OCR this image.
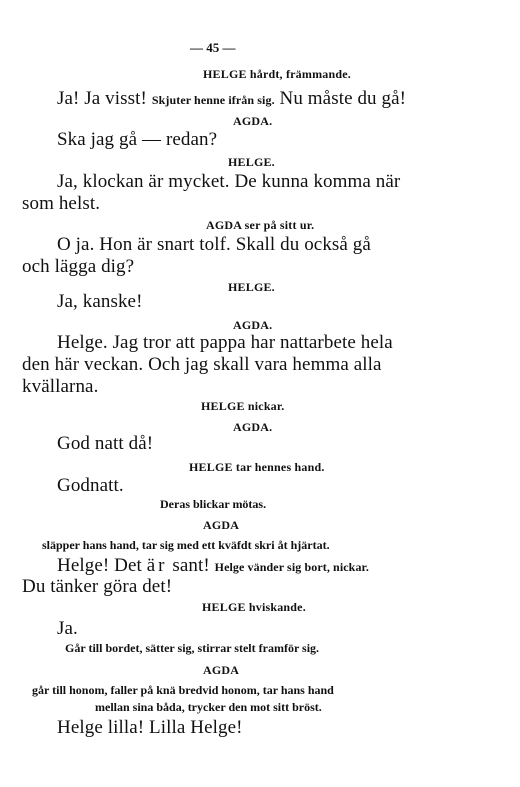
— 45 —
HELGE hårdt, främmande.
Ja! Ja visst! Skjuter henne ifrån sig. Nu måste du gå!
AGDA.
Ska jag gå — redan?
HELGE.
Ja, klockan är mycket. De kunna komma när
som helst.
AGDA ser på sitt ur.
O ja. Hon är snart tolf. Skall du också gå
och lägga dig?
HELGE.
Ja, kanske!
AGDA.
Helge. Jag tror att pappa har nattarbete hela
den här veckan. Och jag skall vara hemma alla
kvällarna.
HELGE nickar.
AGDA.
God natt då!
HELGE tar hennes hand.
Godnatt.
Deras blickar mötas.
AGDA
släpper hans hand, tar sig med ett kväfdt skri åt hjärtat.
Helge! Det är sant! Helge vänder sig bort, nickar.
Du tänker göra det!
HELGE hviskande.
Ja.
Går till bordet, sätter sig, stirrar stelt framför sig.
AGDA
går till honom, faller på knä bredvid honom, tar hans hand
mellan sina båda, trycker den mot sitt bröst.
Helge lilla! Lilla Helge!
